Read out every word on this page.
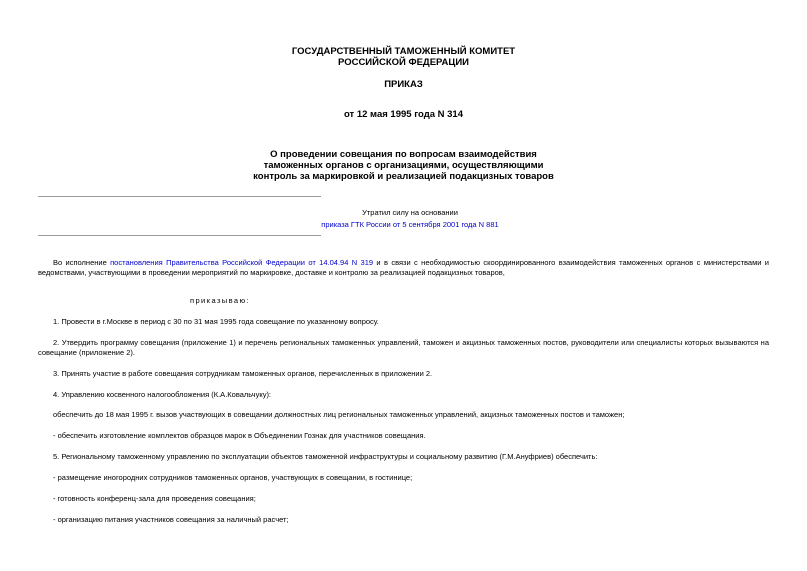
ГОСУДАРСТВЕННЫЙ ТАМОЖЕННЫЙ КОМИТЕТ
РОССИЙСКОЙ ФЕДЕРАЦИИ
ПРИКАЗ
от 12 мая 1995 года N 314
О проведении совещания по вопросам взаимодействия
таможенных органов с организациями, осуществляющими
контроль за маркировкой и реализацией подакцизных товаров
Утратил силу на основании
приказа ГТК России от 5 сентября 2001 года N 881
Во исполнение постановления Правительства Российской Федерации от 14.04.94 N 319 и в связи с необходимостью скоординированного взаимодействия таможенных органов с министерствами и ведомствами, участвующими в проведении мероприятий по маркировке, доставке и контролю за реализацией подакцизных товаров,
приказываю:
1. Провести в г.Москве в период с 30 по 31 мая 1995 года совещание по указанному вопросу.
2. Утвердить программу совещания (приложение 1) и перечень региональных таможенных управлений, таможен и акцизных таможенных постов, руководители или специалисты которых вызываются на совещание (приложение 2).
3. Принять участие в работе совещания сотрудникам таможенных органов, перечисленных в приложении 2.
4. Управлению косвенного налогообложения (К.А.Ковальчуку):
обеспечить до 18 мая 1995 г. вызов участвующих в совещании должностных лиц региональных таможенных управлений, акцизных таможенных постов и таможен;
- обеспечить изготовление комплектов образцов марок в Объединении Гознак для участников совещания.
5. Региональному таможенному управлению по эксплуатации объектов таможенной инфраструктуры и социальному развитию (Г.М.Ануфриев) обеспечить:
- размещение иногородних сотрудников таможенных органов, участвующих в совещании, в гостинице;
- готовность конференц-зала для проведения совещания;
- организацию питания участников совещания за наличный расчет;
